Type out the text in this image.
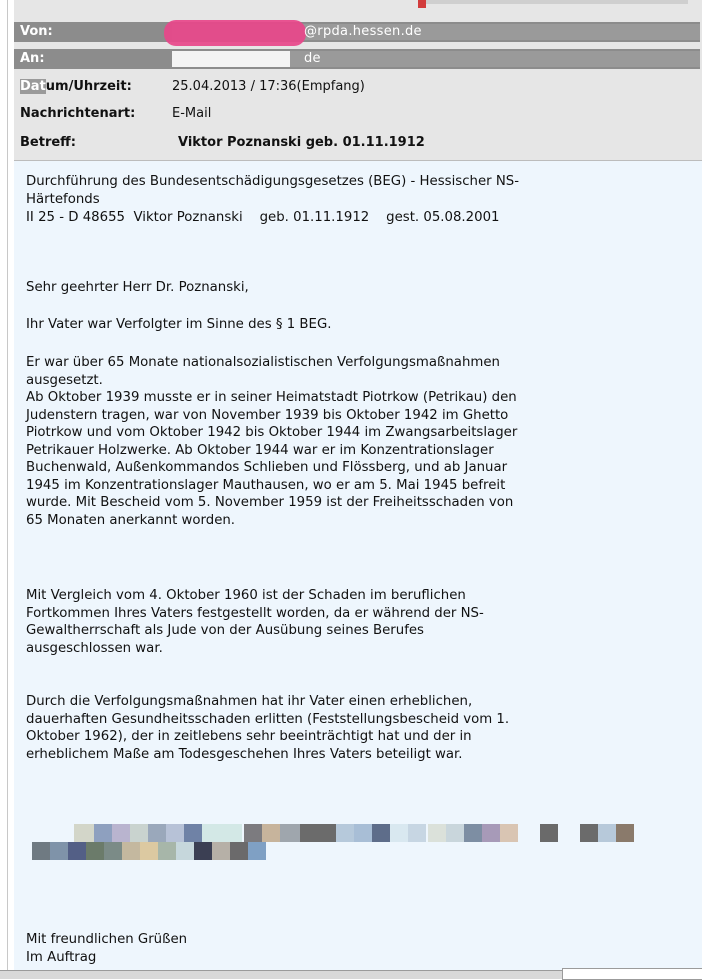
Von:	@rpda.hessen.de
An:	de
Datum/Uhrzeit:	25.04.2013 / 17:36(Empfang)
Nachrichtenart:	E-Mail
Betreff:	Viktor Poznanski geb. 01.11.1912
Durchführung des Bundesentschädigungsgesetzes (BEG) - Hessischer NS-
Härtefonds
II 25 - D 48655  Viktor Poznanski    geb. 01.11.1912    gest. 05.08.2001
Sehr geehrter Herr Dr. Poznanski,
Ihr Vater war Verfolgter im Sinne des § 1 BEG.
Er war über 65 Monate nationalsozialistischen Verfolgungsmaßnahmen
ausgesetzt.
Ab Oktober 1939 musste er in seiner Heimatstadt Piotrkow (Petrikau) den
Judenstern tragen, war von November 1939 bis Oktober 1942 im Ghetto
Piotrkow und vom Oktober 1942 bis Oktober 1944 im Zwangsarbeitslager
Petrikauer Holzwerke. Ab Oktober 1944 war er im Konzentrationslager
Buchenwald, Außenkommandos Schlieben und Flössberg, und ab Januar
1945 im Konzentrationslager Mauthausen, wo er am 5. Mai 1945 befreit
wurde. Mit Bescheid vom 5. November 1959 ist der Freiheitsschaden von
65 Monaten anerkannt worden.
Mit Vergleich vom 4. Oktober 1960 ist der Schaden im beruflichen
Fortkommen Ihres Vaters festgestellt worden, da er während der NS-
Gewaltherrschaft als Jude von der Ausübung seines Berufes
ausgeschlossen war.
Durch die Verfolgungsmaßnahmen hat ihr Vater einen erheblichen,
dauerhaften Gesundheitsschaden erlitten (Feststellungsbescheid vom 1.
Oktober 1962), der in zeitlebens sehr beeinträchtigt hat und der in
erheblichem Maße am Todesgeschehen Ihres Vaters beteiligt war.
Mit freundlichen Grüßen
Im Auftrag
